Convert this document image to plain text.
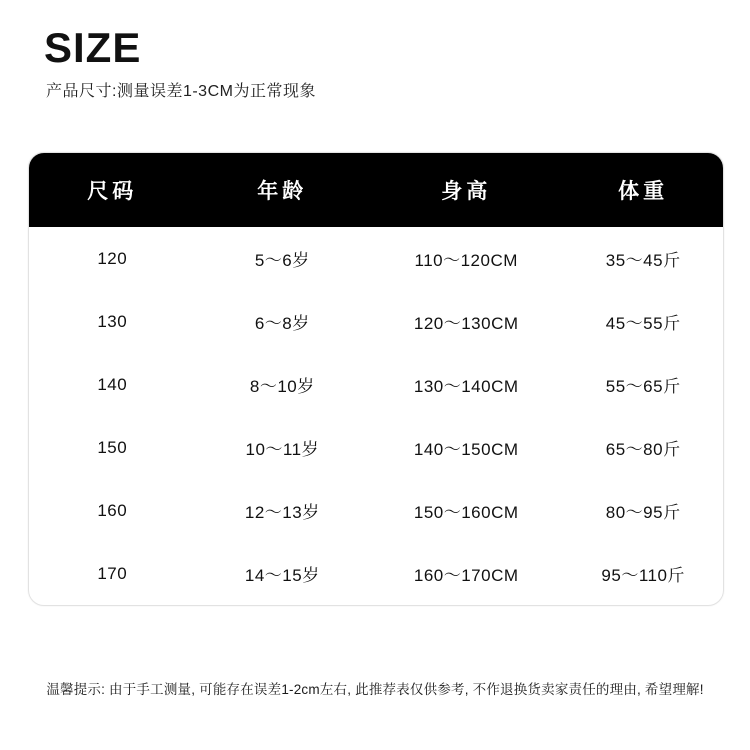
SIZE
产品尺寸:测量误差1-3CM为正常现象
尺码	年龄	身高	体重
120	5～6岁	110～120CM	35～45斤
130	6～8岁	120～130CM	45～55斤
140	8～10岁	130～140CM	55～65斤
150	10～11岁	140～150CM	65～80斤
160	12～13岁	150～160CM	80～95斤
170	14～15岁	160～170CM	95～110斤
温馨提示: 由于手工测量, 可能存在误差1-2cm左右, 此推荐表仅供参考, 不作退换货卖家责任的理由, 希望理解!
